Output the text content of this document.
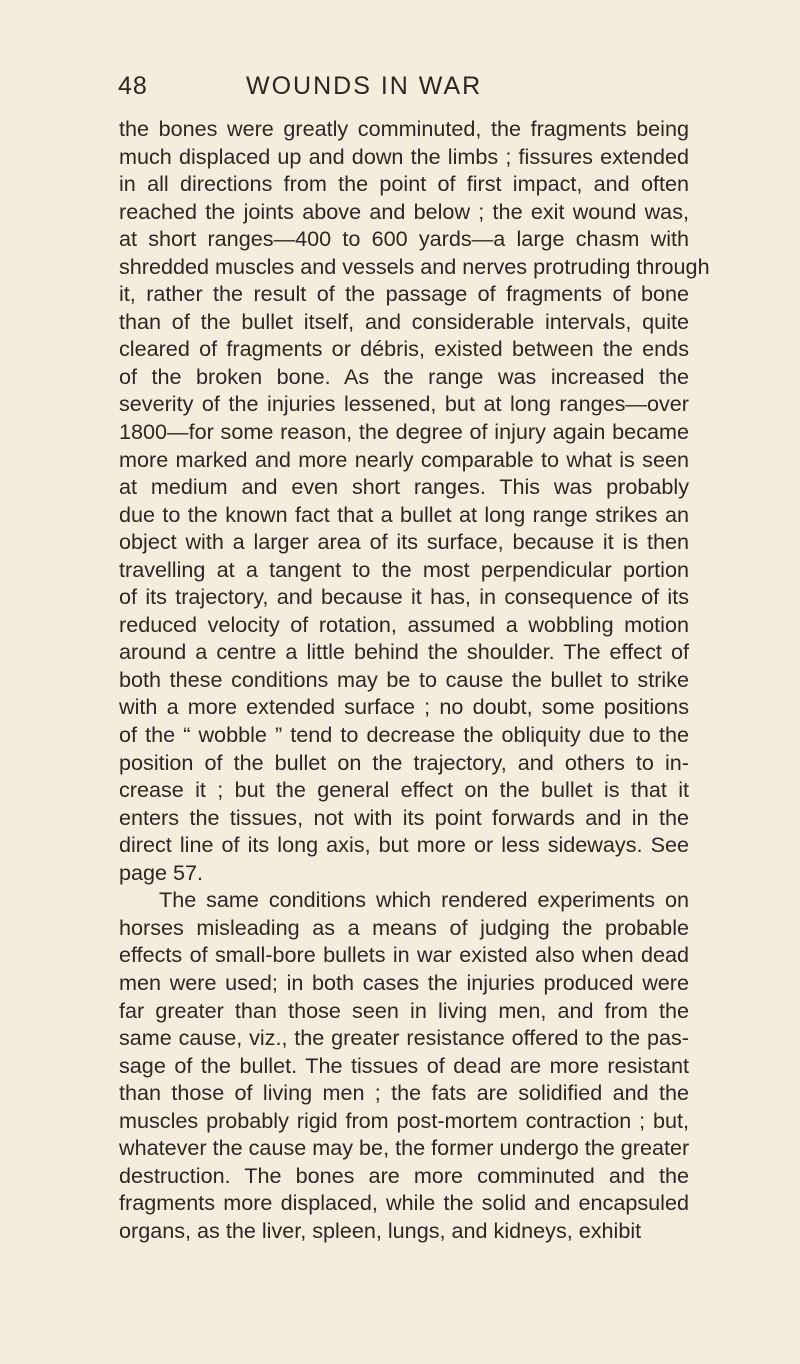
48	WOUNDS IN WAR
the bones were greatly comminuted, the fragments being
much displaced up and down the limbs ; fissures extended
in all directions from the point of first impact, and often
reached the joints above and below ; the exit wound was,
at short ranges—400 to 600 yards—a large chasm with
shredded muscles and vessels and nerves protruding through
it, rather the result of the passage of fragments of bone
than of the bullet itself, and considerable intervals, quite
cleared of fragments or débris, existed between the ends
of the broken bone. As the range was increased the
severity of the injuries lessened, but at long ranges—over
1800—for some reason, the degree of injury again became
more marked and more nearly comparable to what is seen
at medium and even short ranges. This was probably
due to the known fact that a bullet at long range strikes an
object with a larger area of its surface, because it is then
travelling at a tangent to the most perpendicular portion
of its trajectory, and because it has, in consequence of its
reduced velocity of rotation, assumed a wobbling motion
around a centre a little behind the shoulder. The effect of
both these conditions may be to cause the bullet to strike
with a more extended surface ; no doubt, some positions
of the “ wobble ” tend to decrease the obliquity due to the
position of the bullet on the trajectory, and others to in-
crease it ; but the general effect on the bullet is that it
enters the tissues, not with its point forwards and in the
direct line of its long axis, but more or less sideways. See
page 57.
The same conditions which rendered experiments on
horses misleading as a means of judging the probable
effects of small-bore bullets in war existed also when dead
men were used; in both cases the injuries produced were
far greater than those seen in living men, and from the
same cause, viz., the greater resistance offered to the pas-
sage of the bullet. The tissues of dead are more resistant
than those of living men ; the fats are solidified and the
muscles probably rigid from post-mortem contraction ; but,
whatever the cause may be, the former undergo the greater
destruction. The bones are more comminuted and the
fragments more displaced, while the solid and encapsuled
organs, as the liver, spleen, lungs, and kidneys, exhibit
